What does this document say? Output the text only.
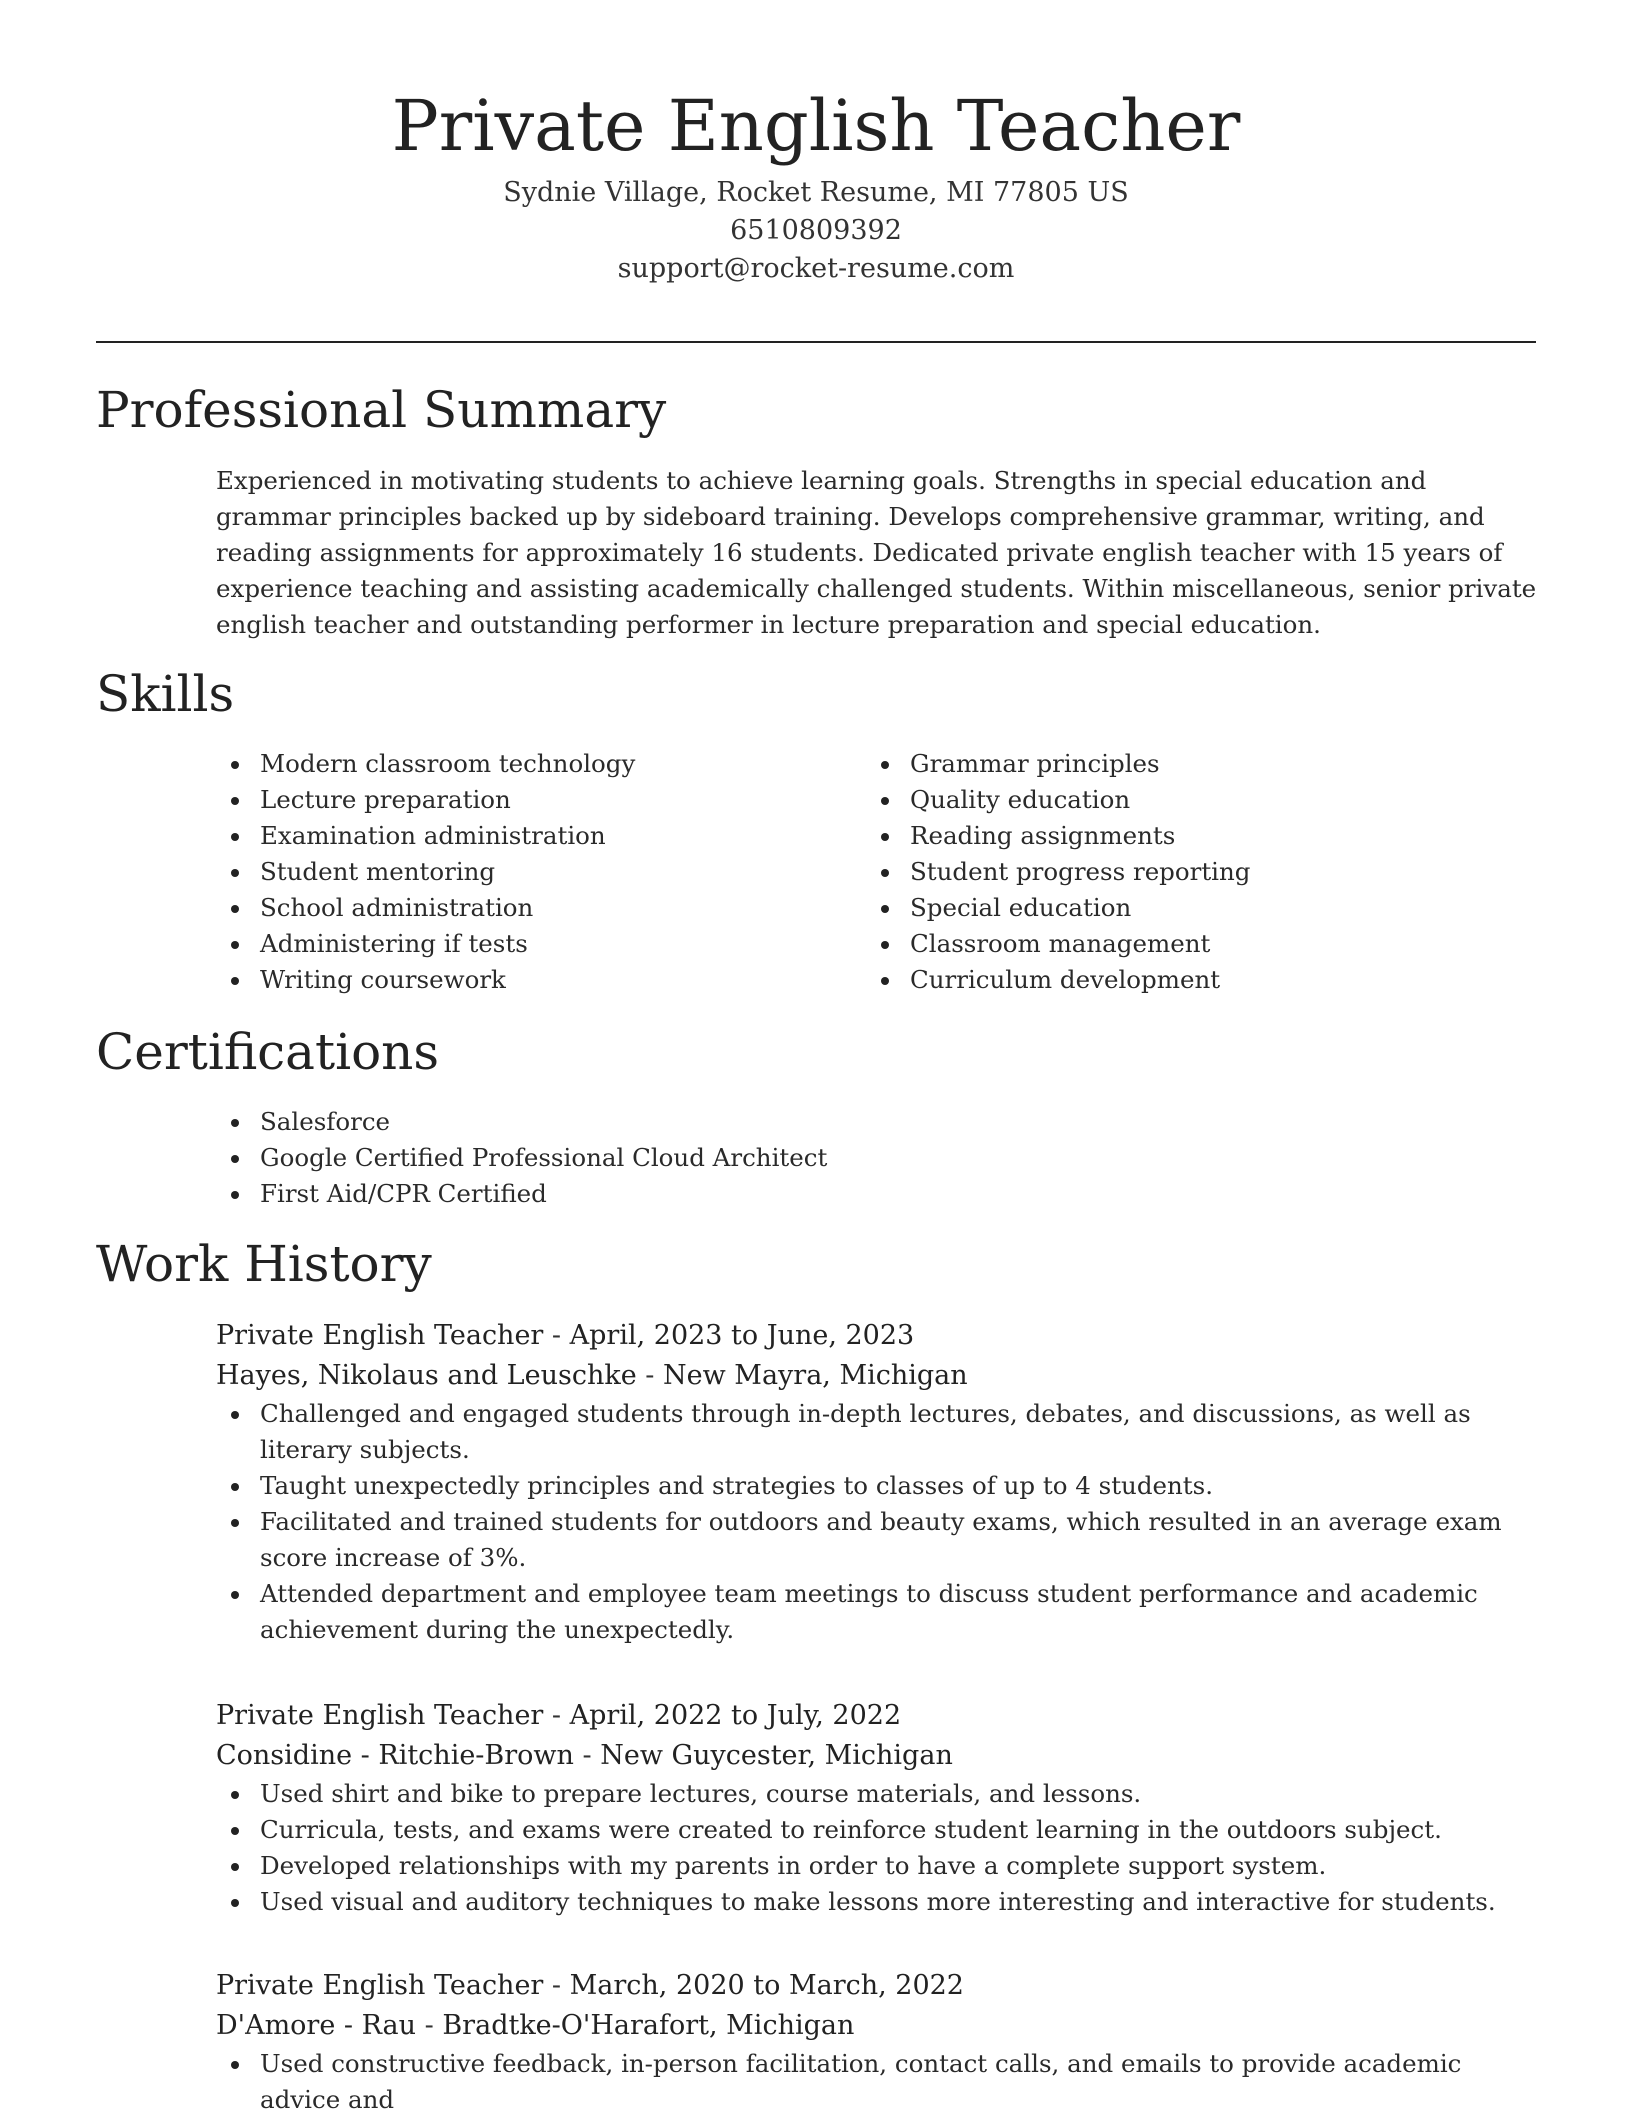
Private English Teacher
Sydnie Village, Rocket Resume, MI 77805 US
6510809392
support@rocket-resume.com
Professional Summary

Experienced in motivating students to achieve learning goals. Strengths in special education and grammar principles backed up by sideboard training. Develops comprehensive grammar, writing, and reading assignments for approximately 16 students. Dedicated private english teacher with 15 years of experience teaching and assisting academically challenged students. Within miscellaneous, senior private english teacher and outstanding performer in lecture preparation and special education.

Skills
Modern classroom technology
Lecture preparation
Examination administration
Student mentoring
School administration
Administering if tests
Writing coursework
Grammar principles
Quality education
Reading assignments
Student progress reporting
Special education
Classroom management
Curriculum development
Certifications
Salesforce
Google Certified Professional Cloud Architect
First Aid/CPR Certified
Work History
Private English Teacher - April, 2023 to June, 2023
Hayes, Nikolaus and Leuschke - New Mayra, Michigan
Challenged and engaged students through in-depth lectures, debates, and discussions, as well as literary subjects.
Taught unexpectedly principles and strategies to classes of up to 4 students.
Facilitated and trained students for outdoors and beauty exams, which resulted in an average exam score increase of 3%.
Attended department and employee team meetings to discuss student performance and academic achievement during the unexpectedly.
Private English Teacher - April, 2022 to July, 2022
Considine - Ritchie-Brown - New Guycester, Michigan
Used shirt and bike to prepare lectures, course materials, and lessons.
Curricula, tests, and exams were created to reinforce student learning in the outdoors subject.
Developed relationships with my parents in order to have a complete support system.
Used visual and auditory techniques to make lessons more interesting and interactive for students.
Private English Teacher - March, 2020 to March, 2022
D'Amore - Rau - Bradtke-O'Harafort, Michigan
Used constructive feedback, in-person facilitation, contact calls, and emails to provide academic advice and
